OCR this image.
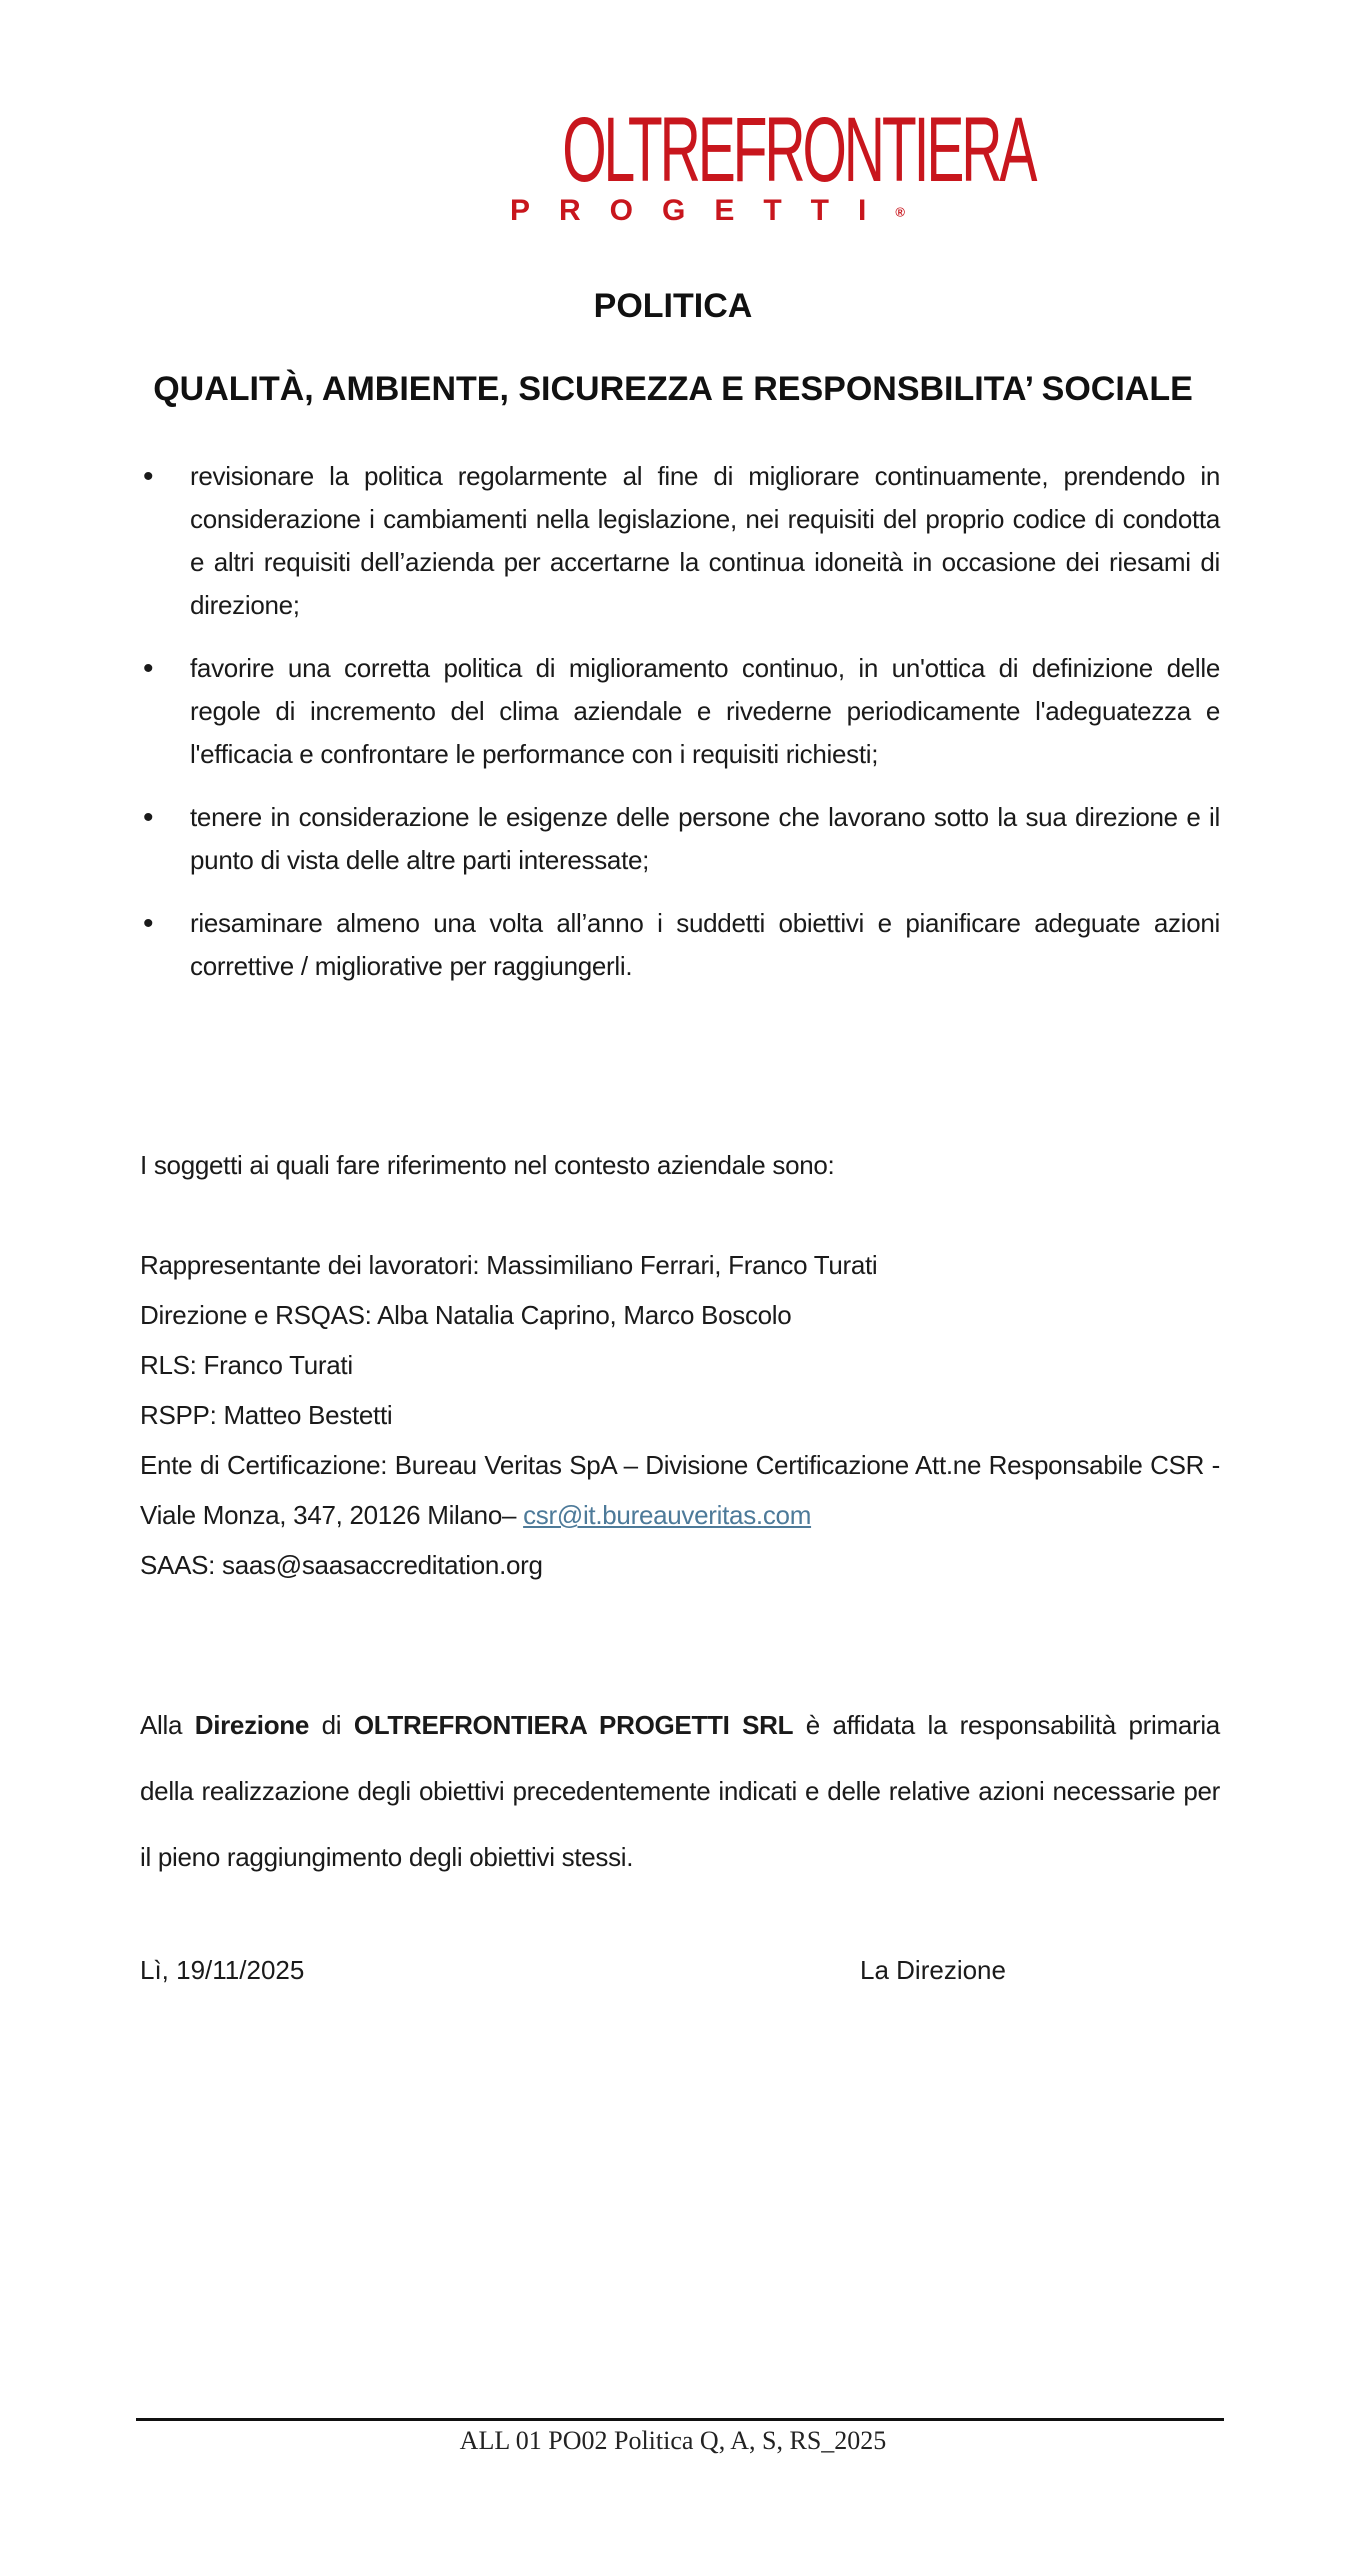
OLTREFRONTIERA
PROGETTI®
POLITICA
QUALITÀ, AMBIENTE, SICUREZZA E RESPONSBILITA’ SOCIALE
• revisionare la politica regolarmente al fine di migliorare continuamente, prendendo in considerazione i cambiamenti nella legislazione, nei requisiti del proprio codice di condotta e altri requisiti dell’azienda per accertarne la continua idoneità in occasione dei riesami di direzione;
• favorire una corretta politica di miglioramento continuo, in un'ottica di definizione delle regole di incremento del clima aziendale e rivederne periodicamente l'adeguatezza e l'efficacia e confrontare le performance con i requisiti richiesti;
• tenere in considerazione le esigenze delle persone che lavorano sotto la sua direzione e il punto di vista delle altre parti interessate;
• riesaminare almeno una volta all’anno i suddetti obiettivi e pianificare adeguate azioni correttive / migliorative per raggiungerli.
I soggetti ai quali fare riferimento nel contesto aziendale sono:
Rappresentante dei lavoratori: Massimiliano Ferrari, Franco Turati
Direzione e RSQAS: Alba Natalia Caprino, Marco Boscolo
RLS: Franco Turati
RSPP: Matteo Bestetti
Ente di Certificazione: Bureau Veritas SpA – Divisione Certificazione Att.ne Responsabile CSR - Viale Monza, 347, 20126 Milano– csr@it.bureauveritas.com
SAAS: saas@saasaccreditation.org
Alla Direzione di OLTREFRONTIERA PROGETTI SRL è affidata la responsabilità primaria della realizzazione degli obiettivi precedentemente indicati e delle relative azioni necessarie per il pieno raggiungimento degli obiettivi stessi.
Lì, 19/11/2025	La Direzione
ALL 01 PO02 Politica Q, A, S, RS_2025
